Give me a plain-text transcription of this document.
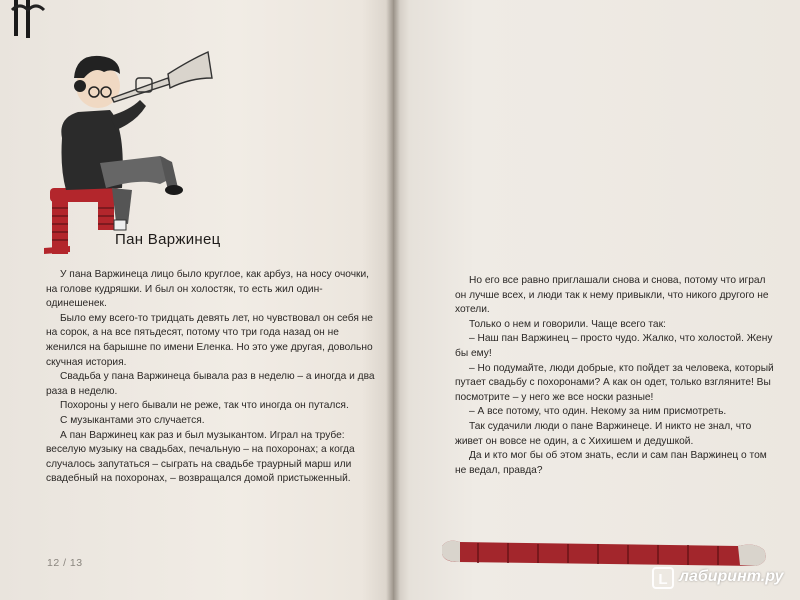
Пан Варжинец

У пана Варжинеца лицо было круглое, как арбуз, на носу очочки, на голове кудряшки. И был он холостяк, то есть жил один-одинешенек.

Было ему всего-то тридцать девять лет, но чувствовал он себя не на сорок, а на все пятьдесят, потому что три года назад он не женился на барышне по имени Еленка. Но это уже другая, довольно скучная история.

Свадьба у пана Варжинеца бывала раз в неделю – а иногда и два раза в неделю.

Похороны у него бывали не реже, так что иногда он путался.

С музыкантами это случается.

А пан Варжинец как раз и был музыкантом. Играл на трубе: веселую музыку на свадьбах, печальную – на похоронах; а когда случалось запутаться – сыграть на свадьбе траурный марш или свадебный на похоронах, – возвращался домой пристыженный.

12 / 13

Но его все равно приглашали снова и снова, потому что играл он лучше всех, и люди так к нему привыкли, что никого другого не хотели.

Только о нем и говорили. Чаще всего так:

– Наш пан Варжинец – просто чудо. Жалко, что холостой. Жену бы ему!

– Но подумайте, люди добрые, кто пойдет за человека, который путает свадьбу с похоронами? А как он одет, только взгляните! Вы посмотрите – у него же все носки разные!

– А все потому, что один. Некому за ним присмотреть.

Так судачили люди о пане Варжинеце. И никто не знал, что живет он вовсе не один, а с Хихишем и дедушкой.

Да и кто мог бы об этом знать, если и сам пан Варжинец о том не ведал, правда?

L лабиринт.ру
